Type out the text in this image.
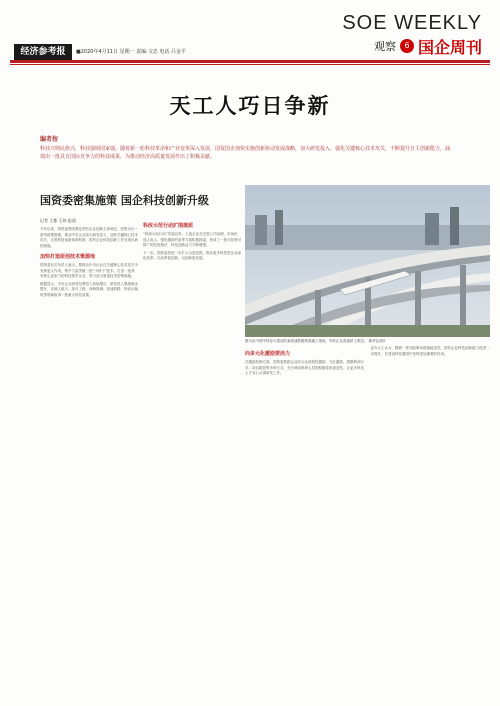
经济参考报	■2020年4月11日 星期一 责编:文忠 电话 吕金平
SOE WEEKLY
观察	6 国企周刊
天工人巧日争新
编者按
科技兴则民族兴，科技强则国家强。随着新一轮科技革命和产业变革深入发展，国资国企加快实施创新驱动发展战略，加大研发投入，强化关键核心技术攻关，不断提升自主创新能力，涌现出一批具有国际竞争力的科技成果，为推动经济高质量发展作出了积极贡献。
国资委密集施策 国企科技创新升级
图为由中国中铁参与建设的某高速铁路桥梁施工现场，列车正从高架桥上驶过。 新华社照片
记者 王都 王炜 报道

今年以来，国资委围绕强化国有企业创新主体地位，密集出台一系列政策措施，推动中央企业加大研发投入、加快关键核心技术攻关、完善科技创新体制机制，国有企业科技创新工作呈现出新的面貌。

加快打造原创技术策源地

国资委有关负责人表示，要推动中央企业在关键核心技术攻关中发挥更大作用，集中力量突破一批“卡脖子”技术，打造一批具有核心竞争力的科技领军企业，努力成为原创技术的策源地。

数据显示，中央企业研发经费投入持续增长，研发投入强度稳步提升，在载人航天、探月工程、深海探测、高速铁路、特高压输电等领域取得一批重大科技成果。

科改示范行动扩围提质

“科改示范行动”实施以来，入选企业在完善公司治理、市场化选人用人、强化激励约束等方面积极探索，形成了一批可复制可推广的经验做法，科技创新活力不断增强。

下一步，国资委将进一步扩大示范范围，推动更多科技型企业深化改革，以改革促创新，以创新促发展。

向多元化激励要活力

在激励机制方面，国资委鼓励企业综合运用股权激励、分红激励、超额利润分享、项目跟投等多种方式，充分调动科研人员的积极性和创造性，让更多科技人才安心从事研发工作。

业内人士认为，随着一系列政策举措落地见效，国有企业科技创新能力将进一步提升，在建设科技强国中发挥更加重要的作用。
